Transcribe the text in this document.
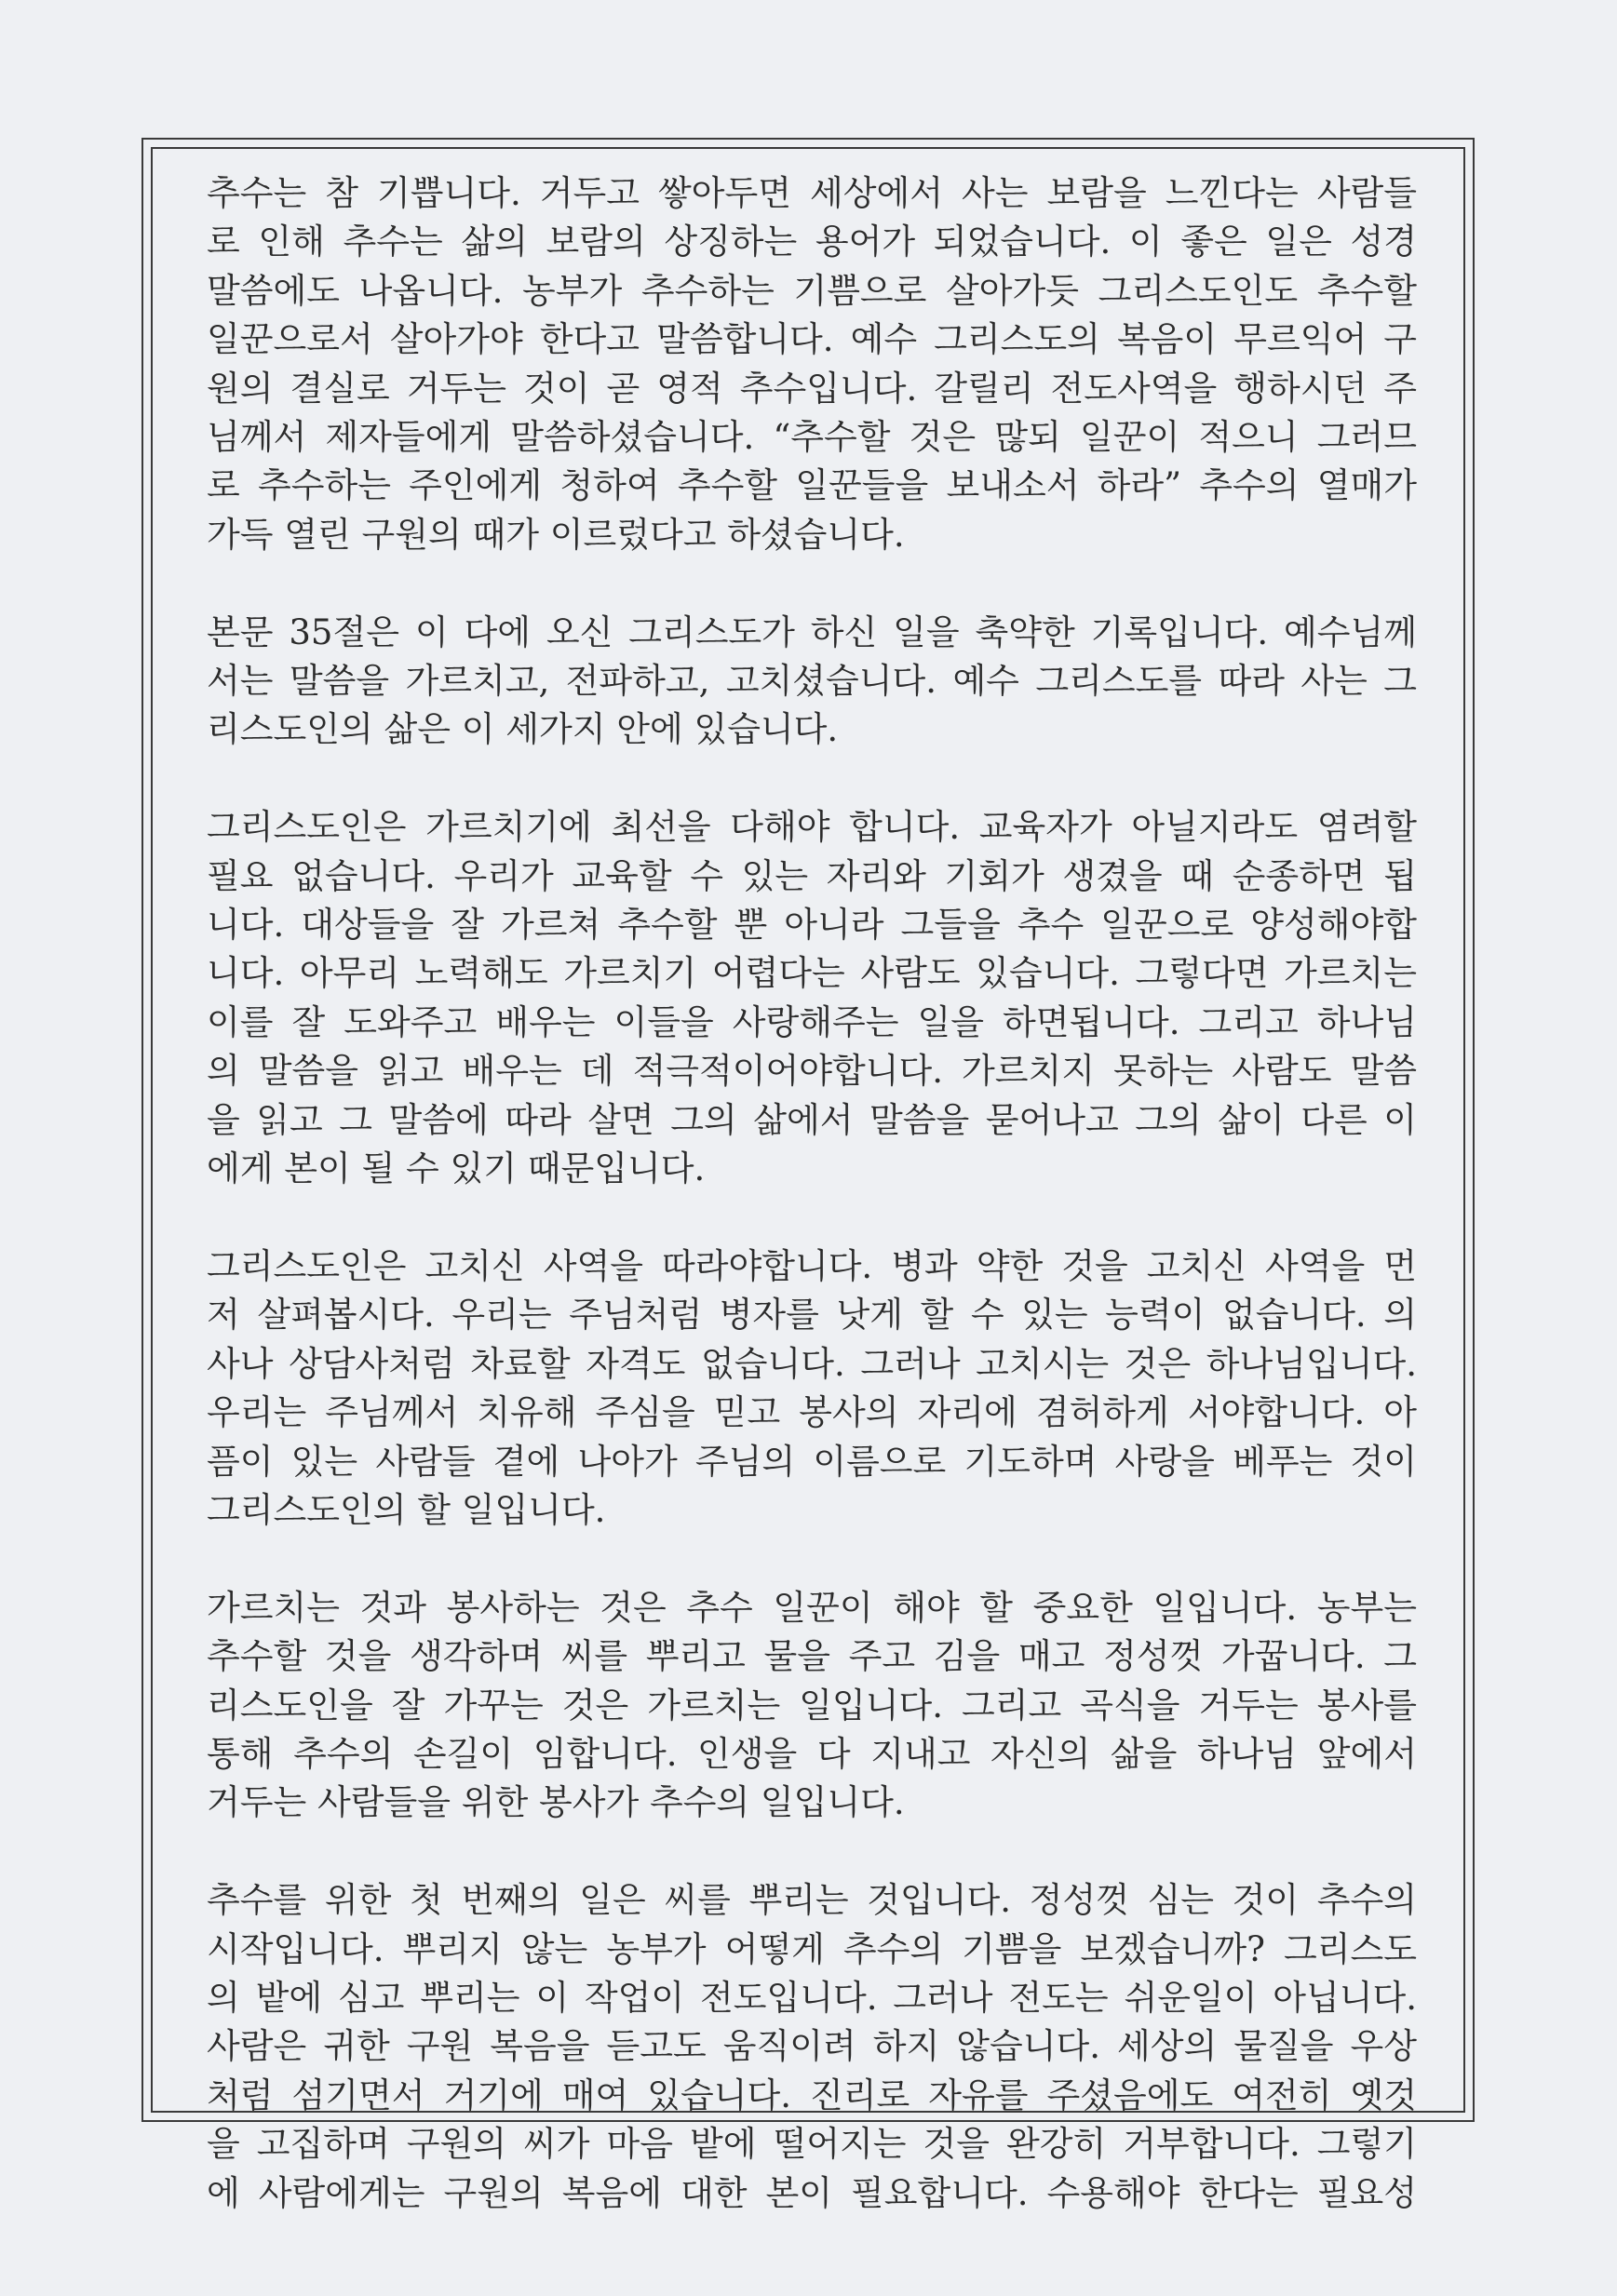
추수는 참 기쁩니다. 거두고 쌓아두면 세상에서 사는 보람을 느낀다는 사람들
로 인해 추수는 삶의 보람의 상징하는 용어가 되었습니다. 이 좋은 일은 성경
말씀에도 나옵니다. 농부가 추수하는 기쁨으로 살아가듯 그리스도인도 추수할
일꾼으로서 살아가야 한다고 말씀합니다. 예수 그리스도의 복음이 무르익어 구
원의 결실로 거두는 것이 곧 영적 추수입니다. 갈릴리 전도사역을 행하시던 주
님께서 제자들에게 말씀하셨습니다. “추수할 것은 많되 일꾼이 적으니 그러므
로 추수하는 주인에게 청하여 추수할 일꾼들을 보내소서 하라” 추수의 열매가
가득 열린 구원의 때가 이르렀다고 하셨습니다.
본문 35절은 이 다에 오신 그리스도가 하신 일을 축약한 기록입니다. 예수님께
서는 말씀을 가르치고, 전파하고, 고치셨습니다. 예수 그리스도를 따라 사는 그
리스도인의 삶은 이 세가지 안에 있습니다.
그리스도인은 가르치기에 최선을 다해야 합니다. 교육자가 아닐지라도 염려할
필요 없습니다. 우리가 교육할 수 있는 자리와 기회가 생겼을 때 순종하면 됩
니다. 대상들을 잘 가르쳐 추수할 뿐 아니라 그들을 추수 일꾼으로 양성해야합
니다. 아무리 노력해도 가르치기 어렵다는 사람도 있습니다. 그렇다면 가르치는
이를 잘 도와주고 배우는 이들을 사랑해주는 일을 하면됩니다. 그리고 하나님
의 말씀을 읽고 배우는 데 적극적이어야합니다. 가르치지 못하는 사람도 말씀
을 읽고 그 말씀에 따라 살면 그의 삶에서 말씀을 묻어나고 그의 삶이 다른 이
에게 본이 될 수 있기 때문입니다.
그리스도인은 고치신 사역을 따라야합니다. 병과 약한 것을 고치신 사역을 먼
저 살펴봅시다. 우리는 주님처럼 병자를 낫게 할 수 있는 능력이 없습니다. 의
사나 상담사처럼 차료할 자격도 없습니다. 그러나 고치시는 것은 하나님입니다.
우리는 주님께서 치유해 주심을 믿고 봉사의 자리에 겸허하게 서야합니다. 아
픔이 있는 사람들 곁에 나아가 주님의 이름으로 기도하며 사랑을 베푸는 것이
그리스도인의 할 일입니다.
가르치는 것과 봉사하는 것은 추수 일꾼이 해야 할 중요한 일입니다. 농부는
추수할 것을 생각하며 씨를 뿌리고 물을 주고 김을 매고 정성껏 가꿉니다. 그
리스도인을 잘 가꾸는 것은 가르치는 일입니다. 그리고 곡식을 거두는 봉사를
통해 추수의 손길이 임합니다. 인생을 다 지내고 자신의 삶을 하나님 앞에서
거두는 사람들을 위한 봉사가 추수의 일입니다.
추수를 위한 첫 번째의 일은 씨를 뿌리는 것입니다. 정성껏 심는 것이 추수의
시작입니다. 뿌리지 않는 농부가 어떻게 추수의 기쁨을 보겠습니까? 그리스도
의 밭에 심고 뿌리는 이 작업이 전도입니다. 그러나 전도는 쉬운일이 아닙니다.
사람은 귀한 구원 복음을 듣고도 움직이려 하지 않습니다. 세상의 물질을 우상
처럼 섬기면서 거기에 매여 있습니다. 진리로 자유를 주셨음에도 여전히 옛것
을 고집하며 구원의 씨가 마음 밭에 떨어지는 것을 완강히 거부합니다. 그렇기
에 사람에게는 구원의 복음에 대한 본이 필요합니다. 수용해야 한다는 필요성
